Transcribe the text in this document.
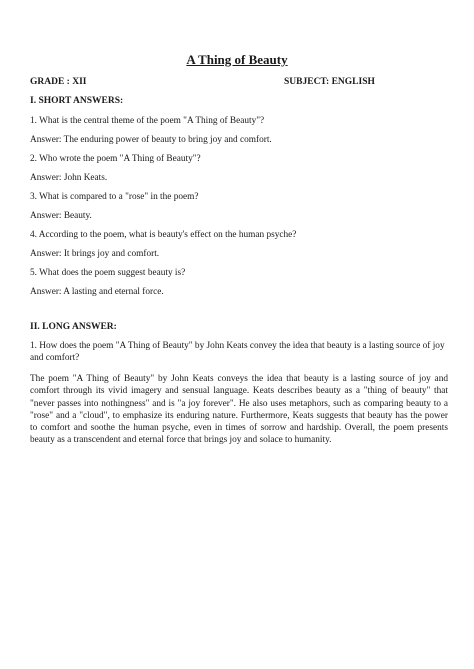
A Thing of Beauty
GRADE : XII	SUBJECT: ENGLISH
I. SHORT ANSWERS:
1. What is the central theme of the poem "A Thing of Beauty"?
Answer: The enduring power of beauty to bring joy and comfort.
2. Who wrote the poem "A Thing of Beauty"?
Answer: John Keats.
3. What is compared to a "rose" in the poem?
Answer: Beauty.
4. According to the poem, what is beauty's effect on the human psyche?
Answer: It brings joy and comfort.
5. What does the poem suggest beauty is?
Answer: A lasting and eternal force.
II. LONG ANSWER:
1. How does the poem "A Thing of Beauty" by John Keats convey the idea that beauty is a lasting source of joy and comfort?
The poem "A Thing of Beauty" by John Keats conveys the idea that beauty is a lasting source of joy and comfort through its vivid imagery and sensual language. Keats describes beauty as a "thing of beauty" that "never passes into nothingness" and is "a joy forever". He also uses metaphors, such as comparing beauty to a "rose" and a "cloud", to emphasize its enduring nature. Furthermore, Keats suggests that beauty has the power to comfort and soothe the human psyche, even in times of sorrow and hardship. Overall, the poem presents beauty as a transcendent and eternal force that brings joy and solace to humanity.
